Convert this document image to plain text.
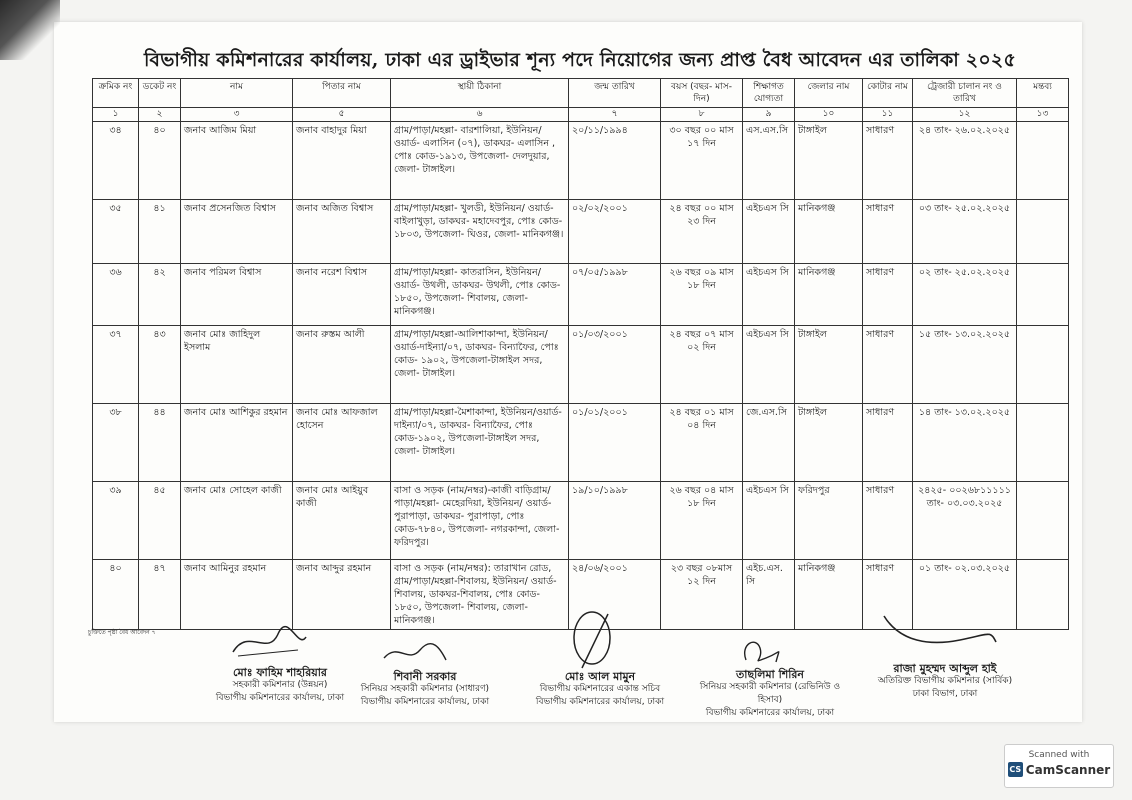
বিভাগীয় কমিশনারের কার্যালয়, ঢাকা এর ড্রাইভার শূন্য পদে নিয়োগের জন্য প্রাপ্ত বৈধ আবেদন এর তালিকা ২০২৫
ক্রমিক নং	ডকেট নং	নাম	পিতার নাম	স্থায়ী ঠিকানা	জন্ম তারিখ	বয়স (বছর- মাস- দিন)	শিক্ষাগত যোগ্যতা	জেলার নাম	কোটার নাম	ট্রেজারী চালান নং ও তারিখ	মন্তব্য
১	২	৩	৫	৬	৭	৮	৯	১০	১১	১২	১৩
৩৪	৪০	জনাব আজিম মিয়া	জনাব বাহাদুর মিয়া	গ্রাম/পাড়া/মহল্লা- বারশালিয়া, ইউনিয়ন/ ওয়ার্ড- এলাসিন (০৭), ডাকঘর- এলাসিন , পোঃ কোড-১৯১৩, উপজেলা- দেলদুয়ার, জেলা- টাঙ্গাইল।	২০/১১/১৯৯৪	৩০ বছর ০০ মাস ১৭ দিন	এস.এস.সি	টাঙ্গাইল	সাধারণ	২৪ তাং- ২৬.০২.২০২৫	
৩৫	৪১	জনাব প্রসেনজিত বিশ্বাস	জনাব অজিত বিশ্বাস	গ্রাম/পাড়া/মহল্লা- খুলডী, ইউনিয়ন/ ওয়ার্ড- বাইলাখুড়া, ডাকঘর- মহাদেবপুর, পোঃ কোড- ১৮০৩, উপজেলা- ঘিওর, জেলা- মানিকগঞ্জ।	০২/০২/২০০১	২৪ বছর ০০ মাস ২৩ দিন	এইচএস সি	মানিকগঞ্জ	সাধারণ	০৩ তাং- ২৫.০২.২০২৫	
৩৬	৪২	জনাব পরিমল বিশ্বাস	জনাব নরেশ বিশ্বাস	গ্রাম/পাড়া/মহল্লা- কাতরাসিন, ইউনিয়ন/ ওয়ার্ড- উথলী, ডাকঘর- উথলী, পোঃ কোড- ১৮৫০, উপজেলা- শিবালয়, জেলা- মানিকগঞ্জ।	০৭/০৫/১৯৯৮	২৬ বছর ০৯ মাস ১৮ দিন	এইচএস সি	মানিকগঞ্জ	সাধারণ	০২ তাং- ২৫.০২.২০২৫	
৩৭	৪৩	জনাব মোঃ জাহিদুল ইসলাম	জনাব রুস্তম আলী	গ্রাম/পাড়া/মহল্লা-আলিশাকান্দা, ইউনিয়ন/ওয়ার্ড-দাইন্যা/০৭, ডাকঘর- বিন্যাফৈর, পোঃ কোড- ১৯০২, উপজেলা-টাঙ্গাইল সদর, জেলা- টাঙ্গাইল।	০১/০৩/২০০১	২৪ বছর ০৭ মাস ০২ দিন	এইচএস সি	টাঙ্গাইল	সাধারণ	১৫ তাং- ১৩.০২.২০২৫	
৩৮	৪৪	জনাব মোঃ আশিকুর রহমান	জনাব মোঃ আফজাল হোসেন	গ্রাম/পাড়া/মহল্লা-মৈশাকান্দা, ইউনিয়ন/ওয়ার্ড-দাইন্যা/০৭, ডাকঘর- বিন্যাফৈর, পোঃ কোড-১৯০২, উপজেলা-টাঙ্গাইল সদর, জেলা- টাঙ্গাইল।	০১/০১/২০০১	২৪ বছর ০১ মাস ০৪ দিন	জে.এস.সি	টাঙ্গাইল	সাধারণ	১৪ তাং- ১৩.০২.২০২৫	
৩৯	৪৫	জনাব মোঃ সোহেল কাজী	জনাব মোঃ আইয়ুব কাজী	বাসা ও সড়ক (নাম/নম্বর)-কাজী বাড়িগ্রাম/ পাড়া/মহল্লা- মেহেরদিয়া, ইউনিয়ন/ ওয়ার্ড-পুরাপাড়া, ডাকঘর- পুরাপাড়া, পোঃ কোড-৭৮৪০, উপজেলা- নগরকান্দা, জেলা- ফরিদপুর।	১৯/১০/১৯৯৮	২৬ বছর ০৪ মাস ১৮ দিন	এইচএস সি	ফরিদপুর	সাধারণ	২৪২৫- ০০২৬৮১১১১১ তাং- ০৩.০৩.২০২৫	
৪০	৪৭	জনাব আমিনুর রহমান	জনাব আব্দুর রহমান	বাসা ও সড়ক (নাম/নম্বর): তারাখান রোড, গ্রাম/পাড়া/মহল্লা-শিবালয়, ইউনিয়ন/ ওয়ার্ড- শিবালয়, ডাকঘর-শিবালয়, পোঃ কোড- ১৮৫০, উপজেলা- শিবালয়, জেলা-মানিকগঞ্জ।	২৪/০৬/২০০১	২৩ বছর ০৮মাস ১২ দিন	এইচ.এস. সি	মানিকগঞ্জ	সাধারণ	০১ তাং- ০২.০৩.২০২৫	
চুক্তিতে পৃষ্ঠা বৈধ আবেদন ৭
মোঃ ফাহিম শাহরিয়ার
সহকারী কমিশনার (উন্নয়ন)
বিভাগীয় কমিশনারের কার্যালয়, ঢাকা
শিবানী সরকার
সিনিয়র সহকারী কমিশনার (সাধারণ)
বিভাগীয় কমিশনারের কার্যালয়, ঢাকা
মোঃ আল মামুন
বিভাগীয় কমিশনারের একান্ত সচিব
বিভাগীয় কমিশনারের কার্যালয়, ঢাকা
তাছলিমা শিরিন
সিনিয়র সহকারী কমিশনার (রেভিনিউ ও হিসাব)
বিভাগীয় কমিশনারের কার্যালয়, ঢাকা
রাজা মুহম্মদ আব্দুল হাই
অতিরিক্ত বিভাগীয় কমিশনার (সার্বিক)
ঢাকা বিভাগ, ঢাকা
Scanned with
CS CamScanner
